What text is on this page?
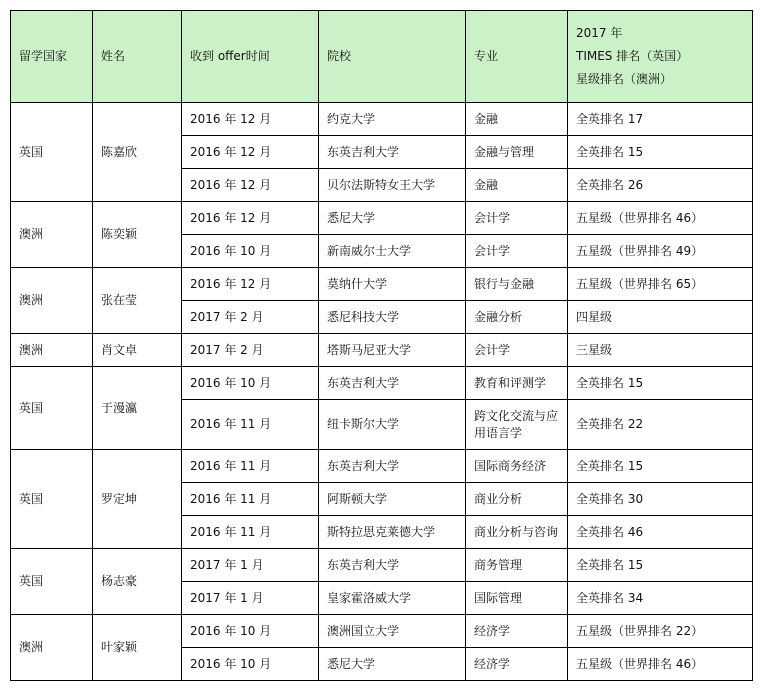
留学国家	姓名	收到 offer时间	院校	专业	2017 年
TIMES 排名（英国）
星级排名（澳洲）

英国	陈嘉欣	2016 年 12 月	约克大学	金融	全英排名 17
		2016 年 12 月	东英吉利大学	金融与管理	全英排名 15
		2016 年 12 月	贝尔法斯特女王大学	金融	全英排名 26
澳洲	陈奕颖	2016 年 12 月	悉尼大学	会计学	五星级（世界排名 46）
		2016 年 10 月	新南威尔士大学	会计学	五星级（世界排名 49）
澳洲	张在莹	2016 年 12 月	莫纳什大学	银行与金融	五星级（世界排名 65）
		2017 年 2 月	悉尼科技大学	金融分析	四星级
澳洲	肖文卓	2017 年 2 月	塔斯马尼亚大学	会计学	三星级
英国	于漫瀛	2016 年 10 月	东英吉利大学	教育和评测学	全英排名 15
		2016 年 11 月	纽卡斯尔大学	跨文化交流与应用语言学	全英排名 22
英国	罗定坤	2016 年 11 月	东英吉利大学	国际商务经济	全英排名 15
		2016 年 11 月	阿斯顿大学	商业分析	全英排名 30
		2016 年 11 月	斯特拉思克莱德大学	商业分析与咨询	全英排名 46
英国	杨志豪	2017 年 1 月	东英吉利大学	商务管理	全英排名 15
		2017 年 1 月	皇家霍洛威大学	国际管理	全英排名 34
澳洲	叶家颖	2016 年 10 月	澳洲国立大学	经济学	五星级（世界排名 22）
		2016 年 10 月	悉尼大学	经济学	五星级（世界排名 46）
